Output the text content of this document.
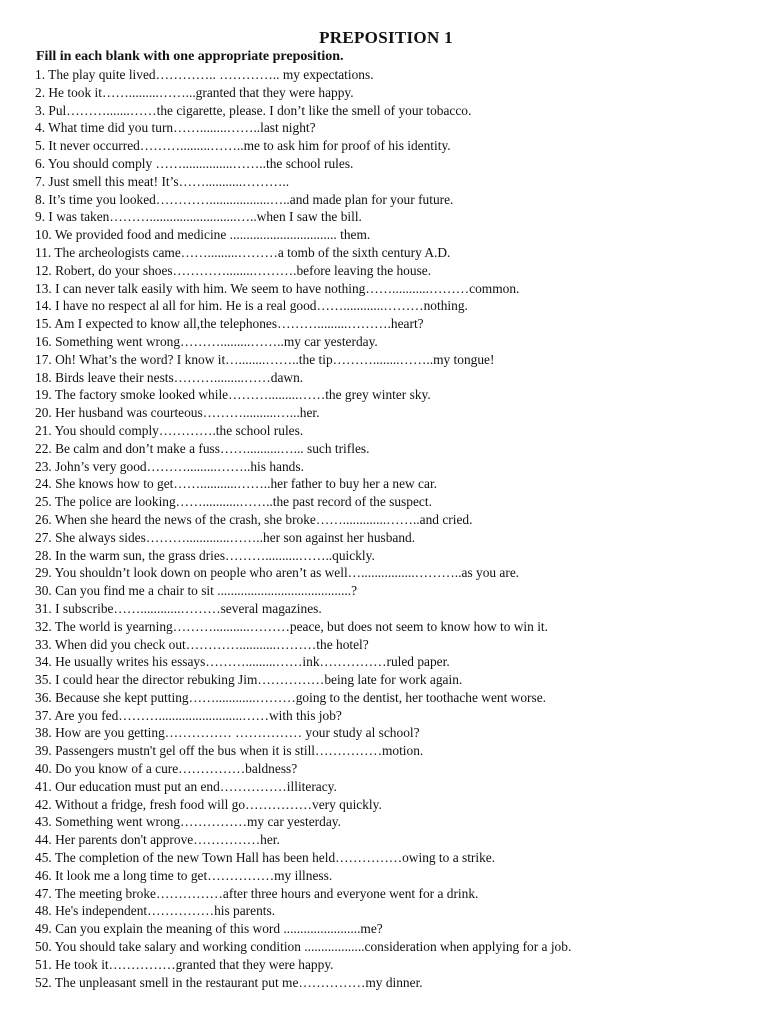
PREPOSITION 1
Fill in each blank with one appropriate preposition.
1. The play quite lived………….. ………….. my expectations.
2. He took it…….........……...granted that they were happy.
3. Pul……….......……the cigarette, please. I don’t like the smell of your tobacco.
4. What time did you turn……........……..last night?
5. It never occurred……….........……..me to ask him for proof of his identity.
6. You should comply ……...............……..the school rules.
7. Just smell this meat! It’s……...........………..
8. It’s time you looked…………..................…..and made plan for your future.
9. I was taken………..........................…..when I saw the bill.
10. We provided food and medicine ................................ them.
11. The archeologists came…….........………a tomb of the sixth century A.D.
12. Robert, do your shoes…………........……….before leaving the house.
13. I can never talk easily with him. We seem to have nothing……...........………common.
14. I have no respect al all for him. He is a real good……............………nothing.
15. Am I expected to know all,the telephones……….........……….heart?
16. Something went wrong……….........……..my car yesterday.
17. Oh! What’s the word? I know it…........……..the tip………........……..my tongue!
18. Birds leave their nests……….........……dawn.
19. The factory smoke looked while……….........……the grey winter sky.
20. Her husband was courteous………..........…...her.
21. You should comply………….the school rules.
22. Be calm and don’t make a fuss……..........…... such trifles.
23. John’s very good……….........……..his hands.
24. She knows how to get……...........……..her father to buy her a new car.
25. The police are looking……...........……..the past record of the suspect.
26. When she heard the news of the crash, she broke…….............……..and cried.
27. She always sides……….............……..her son against her husband.
28. In the warm sun, the grass dries………..........……..quickly.
29. You shouldn’t look down on people who aren’t as well…................………..as you are.
30. Can you find me a chair to sit ........................................?
31. I subscribe……............………several magazines.
32. The world is yearning………...........………peace, but does not seem to know how to win it.
33. When did you check out…………...........………the hotel?
34. He usually writes his essays……….........……ink……………ruled paper.
35. I could hear the director rebuking Jim……………being late for work again.
36. Because she kept putting……............………going to the dentist, her toothache went worse.
37. Are you fed……….........................……with this job?
38. How are you getting…………… …………… your study al school?
39. Passengers mustn't gel off the bus when it is still……………motion.
40. Do you know of a cure……………baldness?
41. Our education must put an end……………illiteracy.
42. Without a fridge, fresh food will go……………very quickly.
43. Something went wrong……………my car yesterday.
44. Her parents don't approve……………her.
45. The completion of the new Town Hall has been held……………owing to a strike.
46. It look me a long time to get……………my illness.
47. The meeting broke……………after three hours and everyone went for a drink.
48. He's independent……………his parents.
49. Can you explain the meaning of this word .......................me?
50. You should take salary and working condition ..................consideration when applying for a job.
51. He took it……………granted that they were happy.
52. The unpleasant smell in the restaurant put me……………my dinner.
